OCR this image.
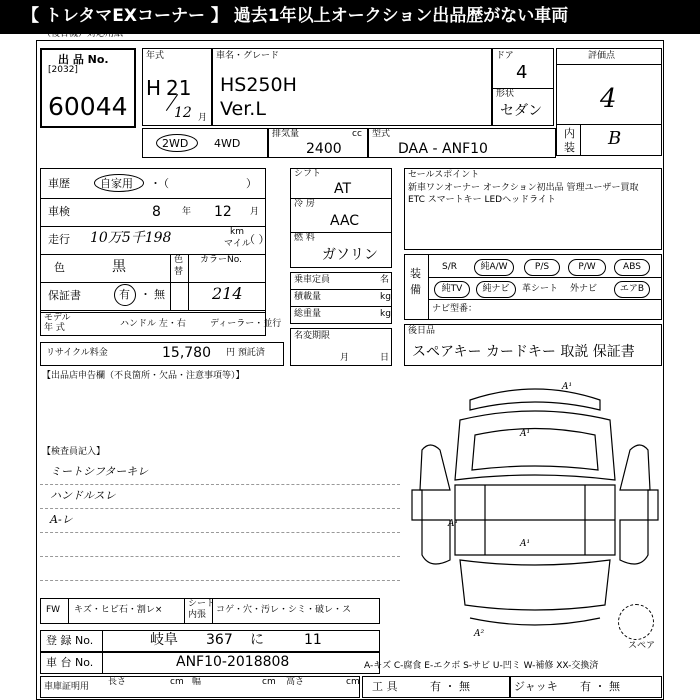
【 トレタマEXコーナー 】 過去1年以上オークション出品歴がない車両
（複合機）対応用紙
出 品 No.
[2032]
60044
年式
H 21
12 月
車名・グレード
HS250H
Ver.L
ドア
4
形状
セダン
評価点
4
内
装 B
2WD 4WD
排気量	cc
2400
型式
DAA - ANF10
車歴	自家用 ・
（	）
車検	8 年 12 月
走行 10万5千198	km
マイル
（ ）
色	黒	色
替
カラーNo.
214
保証書	有 ・ 無
モデル
年 式	ハンドル 左・右	ディーラー・並行
リサイクル料金	15,780 円 預託済
シフト
AT
冷 房
AAC
燃 料
ガソリン
乗車定員	名
積載量	kg
総重量	kg
名変期限
月	日
セールスポイント
新車ワンオーナー オークション初出品 管理ユーザー買取
ETC スマートキー LEDヘッドライト
装
備
S/R	純A/W	P/S	P/W	ABS
純TV	純ナビ	革シート 外ナビ	エアB
ナビ型番：
後日品
スペアキー カードキー 取説 保証書
【出品店申告欄（不良箇所・欠品・注意事項等）】
【検査員記入】
ミートシフターキレ
ハンドルスレ
A-レ
A¹
A¹
A¹
A¹
A²
スペア
FW キズ・ヒビ石・割レ×
シート
内張 コゲ・穴・汚レ・シミ・破レ・ス
登 録 No.	岐阜 367 に	11
車 台 No.	ANF10-2018808	A-キズ C-腐食 E-エクボ S-サビ U-凹ミ W-補修 XX-交換済
車庫証明用 長さ	cm 幅	cm 高さ	cm 工 具	有 ・ 無	ジャッキ 有 ・ 無
